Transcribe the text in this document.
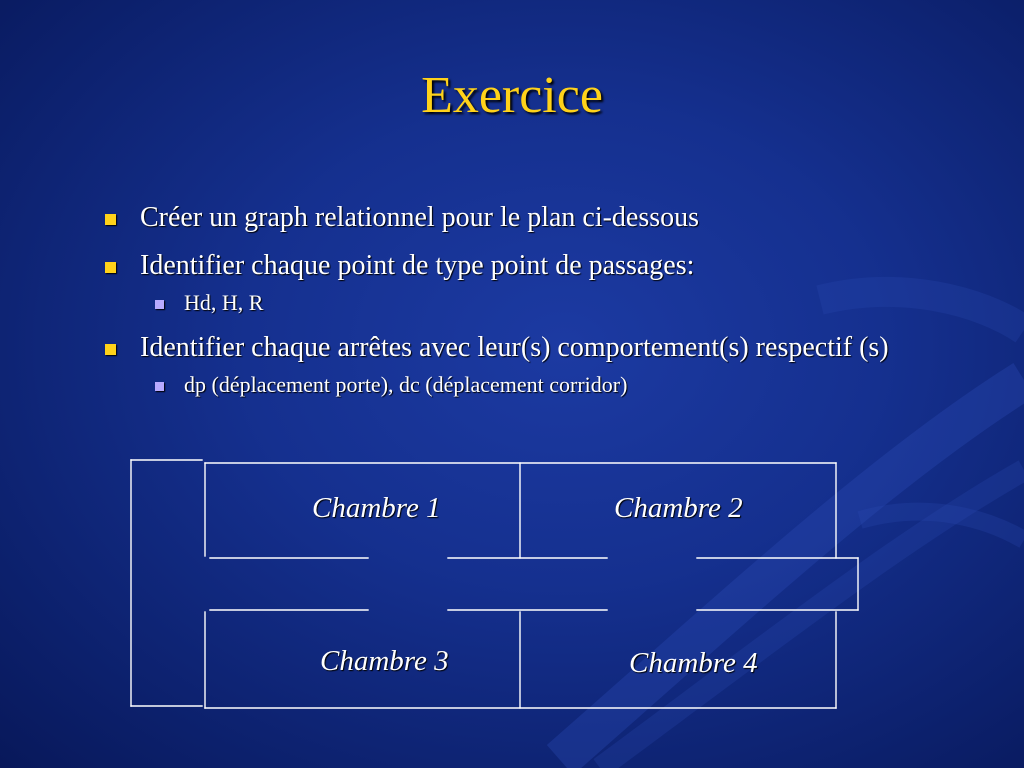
Exercice
Créer un graph relationnel pour le plan ci-dessous
Identifier chaque point de type point de passages:
Hd, H, R
Identifier chaque arrêtes avec leur(s) comportement(s) respectif (s)
dp (déplacement porte), dc (déplacement corridor)
Chambre 1	Chambre 2
Chambre 3	Chambre 4
